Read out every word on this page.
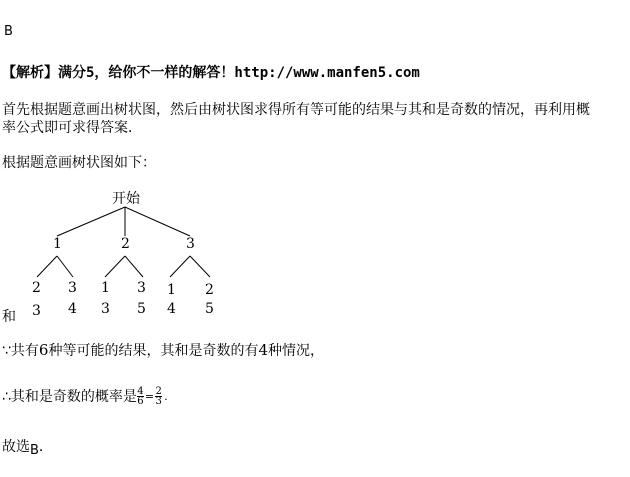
B
【解析】满分5，给你不一样的解答！http://www.manfen5.com
首先根据题意画出树状图，然后由树状图求得所有等可能的结果与其和是奇数的情况，再利用概
率公式即可求得答案．
根据题意画树状图如下：
开始
1	2	3
2 3 1 3 1 2
和 3 4 3 5 4 5
∵共有6种等可能的结果，其和是奇数的有4种情况，
∴其和是奇数的概率是 $\frac{4}{6} = \frac{2}{3}$ .
故选B．
